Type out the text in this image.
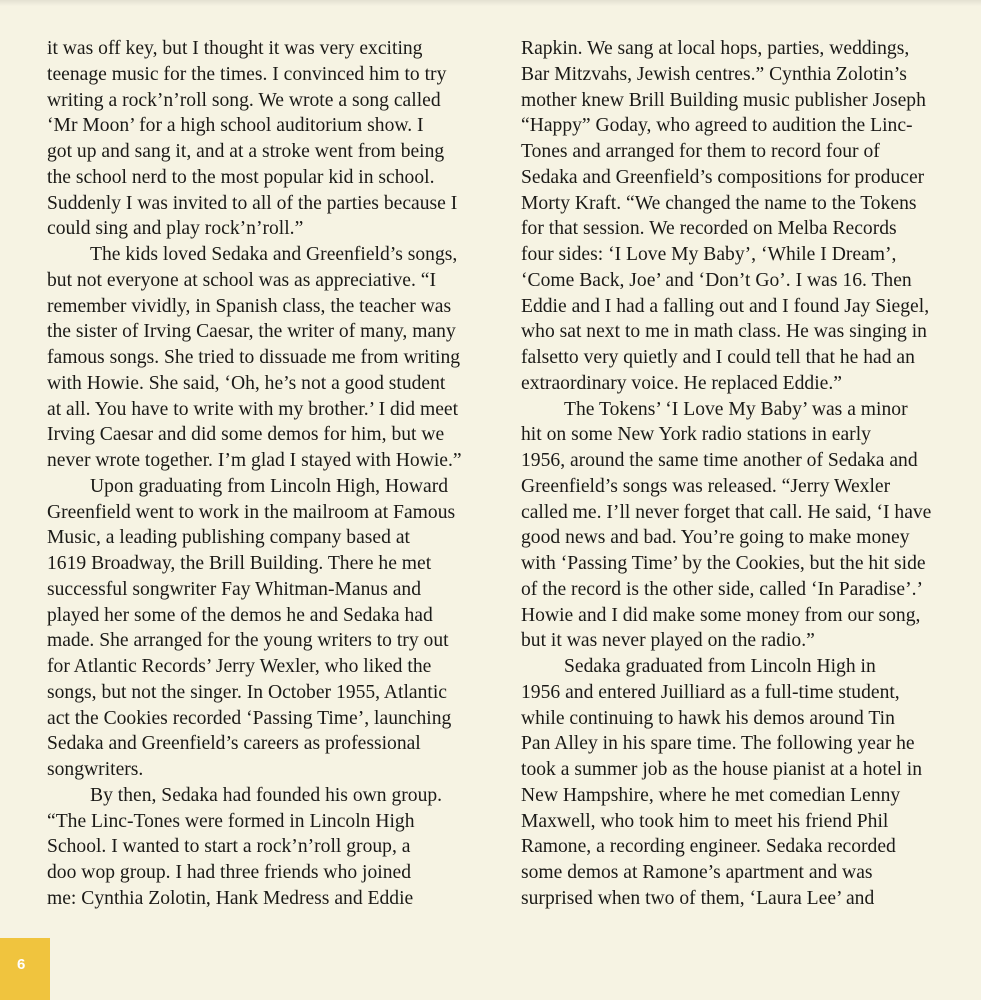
it was off key, but I thought it was very exciting

teenage music for the times. I convinced him to try

writing a rock’n’roll song. We wrote a song called

‘Mr Moon’ for a high school auditorium show. I

got up and sang it, and at a stroke went from being

the school nerd to the most popular kid in school.

Suddenly I was invited to all of the parties because I

could sing and play rock’n’roll.”

The kids loved Sedaka and Greenfield’s songs,

but not everyone at school was as appreciative. “I

remember vividly, in Spanish class, the teacher was

the sister of Irving Caesar, the writer of many, many

famous songs. She tried to dissuade me from writing

with Howie. She said, ‘Oh, he’s not a good student

at all. You have to write with my brother.’ I did meet

Irving Caesar and did some demos for him, but we

never wrote together. I’m glad I stayed with Howie.”

Upon graduating from Lincoln High, Howard

Greenfield went to work in the mailroom at Famous

Music, a leading publishing company based at

1619 Broadway, the Brill Building. There he met

successful songwriter Fay Whitman-Manus and

played her some of the demos he and Sedaka had

made. She arranged for the young writers to try out

for Atlantic Records’ Jerry Wexler, who liked the

songs, but not the singer. In October 1955, Atlantic

act the Cookies recorded ‘Passing Time’, launching

Sedaka and Greenfield’s careers as professional

songwriters.

By then, Sedaka had founded his own group.

“The Linc-Tones were formed in Lincoln High

School. I wanted to start a rock’n’roll group, a

doo wop group. I had three friends who joined

me: Cynthia Zolotin, Hank Medress and Eddie

Rapkin. We sang at local hops, parties, weddings,

Bar Mitzvahs, Jewish centres.” Cynthia Zolotin’s

mother knew Brill Building music publisher Joseph

“Happy” Goday, who agreed to audition the Linc-

Tones and arranged for them to record four of

Sedaka and Greenfield’s compositions for producer

Morty Kraft. “We changed the name to the Tokens

for that session. We recorded on Melba Records

four sides: ‘I Love My Baby’, ‘While I Dream’,

‘Come Back, Joe’ and ‘Don’t Go’. I was 16. Then

Eddie and I had a falling out and I found Jay Siegel,

who sat next to me in math class. He was singing in

falsetto very quietly and I could tell that he had an

extraordinary voice. He replaced Eddie.”

The Tokens’ ‘I Love My Baby’ was a minor

hit on some New York radio stations in early

1956, around the same time another of Sedaka and

Greenfield’s songs was released. “Jerry Wexler

called me. I’ll never forget that call. He said, ‘I have

good news and bad. You’re going to make money

with ‘Passing Time’ by the Cookies, but the hit side

of the record is the other side, called ‘In Paradise’.’

Howie and I did make some money from our song,

but it was never played on the radio.”

Sedaka graduated from Lincoln High in

1956 and entered Juilliard as a full-time student,

while continuing to hawk his demos around Tin

Pan Alley in his spare time. The following year he

took a summer job as the house pianist at a hotel in

New Hampshire, where he met comedian Lenny

Maxwell, who took him to meet his friend Phil

Ramone, a recording engineer. Sedaka recorded

some demos at Ramone’s apartment and was

surprised when two of them, ‘Laura Lee’ and

6
